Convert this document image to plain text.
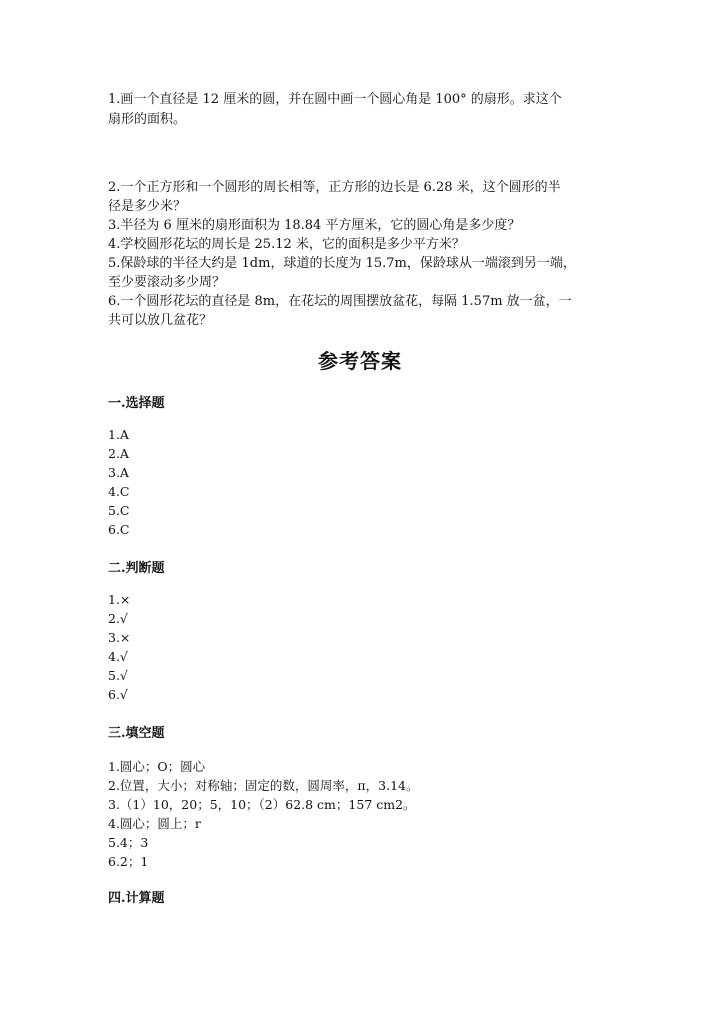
1.画一个直径是 12 厘米的圆，并在圆中画一个圆心角是 100° 的扇形。求这个
扇形的面积。
2.一个正方形和一个圆形的周长相等，正方形的边长是 6.28 米，这个圆形的半
径是多少米？
3.半径为 6 厘米的扇形面积为 18.84 平方厘米，它的圆心角是多少度？
4.学校圆形花坛的周长是 25.12 米，它的面积是多少平方米？
5.保龄球的半径大约是 1dm，球道的长度为 15.7m，保龄球从一端滚到另一端，
至少要滚动多少周？
6.一个圆形花坛的直径是 8m，在花坛的周围摆放盆花，每隔 1.57m 放一盆，一
共可以放几盆花？
参考答案
一.选择题
1.A
2.A
3.A
4.C
5.C
6.C
二.判断题
1.×
2.√
3.×
4.√
5.√
6.√
三.填空题
1.圆心；O；圆心
2.位置，大小；对称轴；固定的数，圆周率，π，3.14。
3.（1）10，20；5，10；（2）62.8 cm；157 cm2。
4.圆心；圆上；r
5.4；3
6.2；1
四.计算题
